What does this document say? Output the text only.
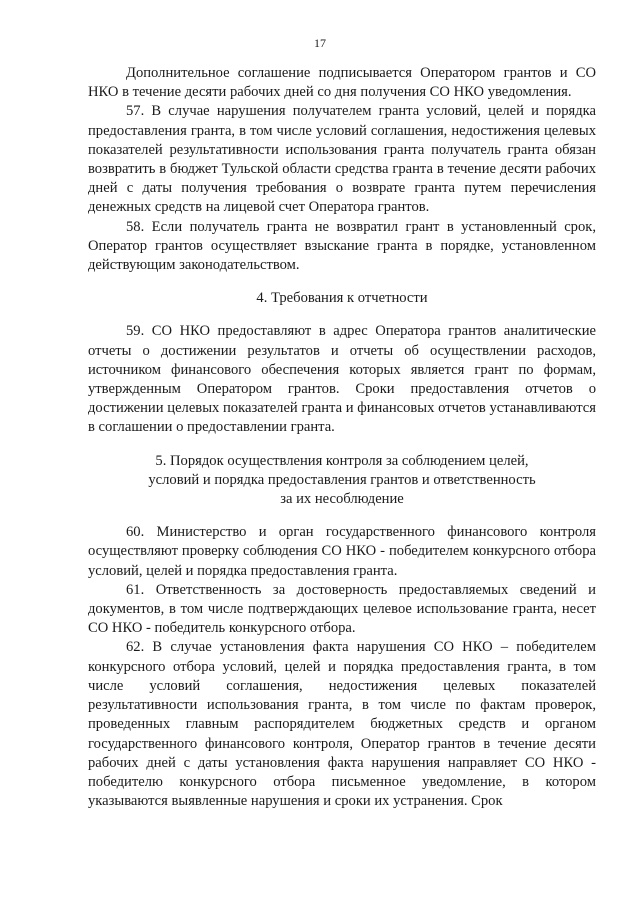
17

Дополнительное соглашение подписывается Оператором грантов и СО НКО в течение десяти рабочих дней со дня получения СО НКО уведомления.

57. В случае нарушения получателем гранта условий, целей и порядка предоставления гранта, в том числе условий соглашения, недостижения целевых показателей результативности использования гранта получатель гранта обязан возвратить в бюджет Тульской области средства гранта в течение десяти рабочих дней с даты получения требования о возврате гранта путем перечисления денежных средств на лицевой счет Оператора грантов.

58. Если получатель гранта не возвратил грант в установленный срок, Оператор грантов осуществляет взыскание гранта в порядке, установленном действующим законодательством.

4. Требования к отчетности

59. СО НКО предоставляют в адрес Оператора грантов аналитические отчеты о достижении результатов и отчеты об осуществлении расходов, источником финансового обеспечения которых является грант по формам, утвержденным Оператором грантов. Сроки предоставления отчетов о достижении целевых показателей гранта и финансовых отчетов устанавливаются в соглашении о предоставлении гранта.

5. Порядок осуществления контроля за соблюдением целей,
условий и порядка предоставления грантов и ответственность
за их несоблюдение

60. Министерство и орган государственного финансового контроля осуществляют проверку соблюдения СО НКО - победителем конкурсного отбора условий, целей и порядка предоставления гранта.

61. Ответственность за достоверность предоставляемых сведений и документов, в том числе подтверждающих целевое использование гранта, несет СО НКО - победитель конкурсного отбора.

62. В случае установления факта нарушения СО НКО – победителем конкурсного отбора условий, целей и порядка предоставления гранта, в том числе условий соглашения, недостижения целевых показателей результативности использования гранта, в том числе по фактам проверок, проведенных главным распорядителем бюджетных средств и органом государственного финансового контроля, Оператор грантов в течение десяти рабочих дней с даты установления факта нарушения направляет СО НКО - победителю конкурсного отбора письменное уведомление, в котором указываются выявленные нарушения и сроки их устранения. Срок
